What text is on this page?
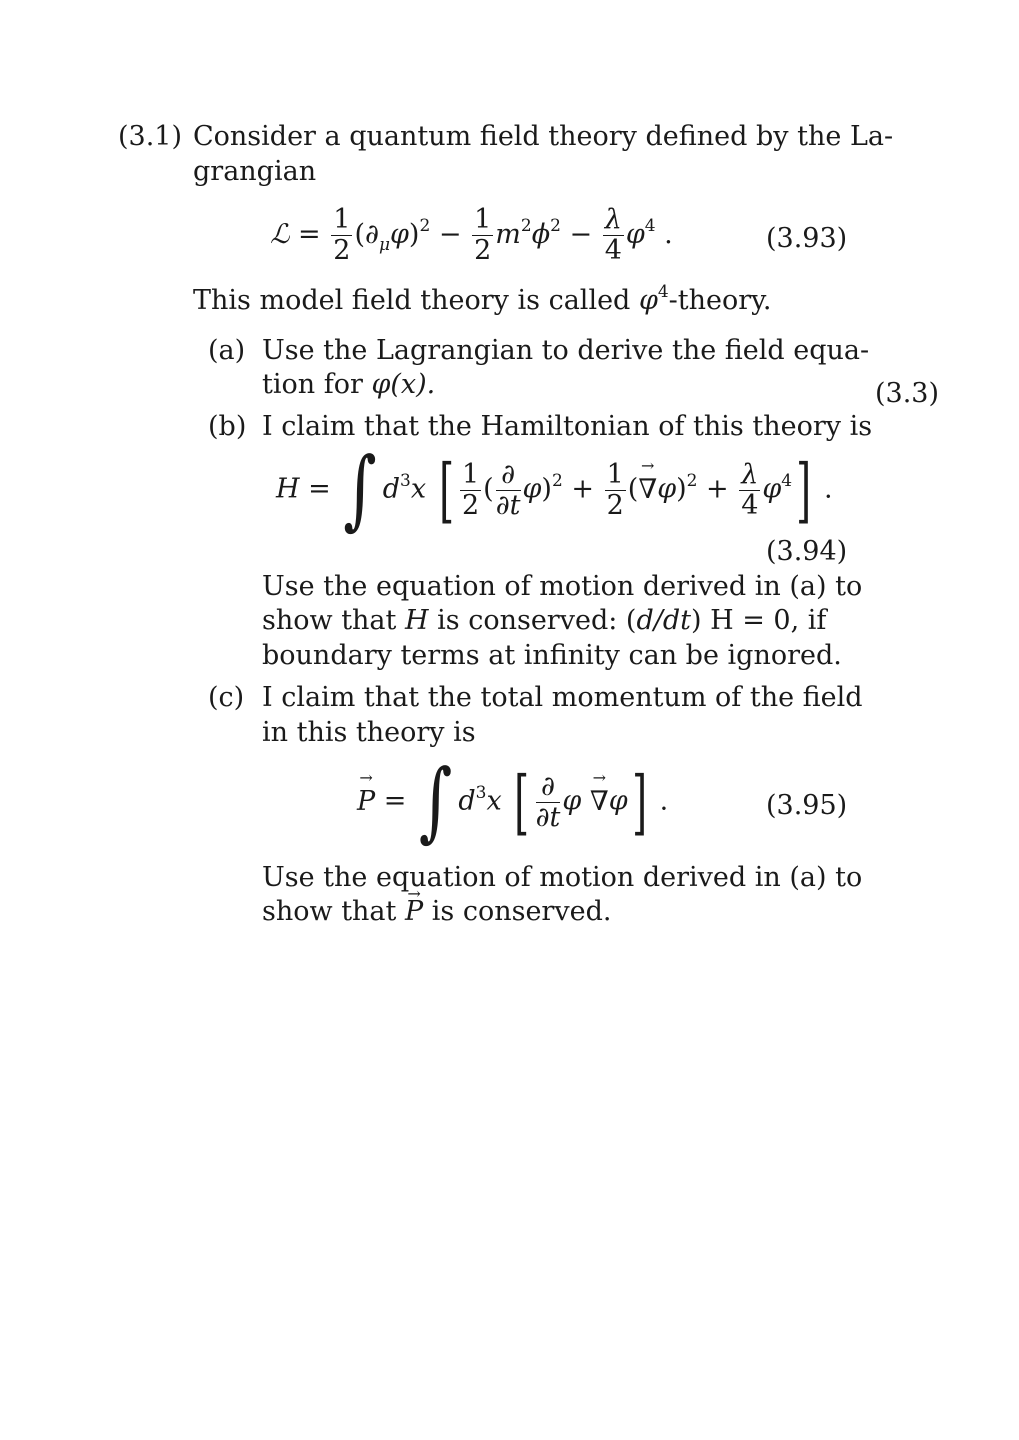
(3.1) Consider a quantum field theory defined by the La-
grangian
ℒ = $\frac{1}{2} (\partial_\mu\varphi)^2 - \frac{1}{2} m^2\phi^2 - \frac{\lambda}{4} \varphi^4$ .	(3.93)
This model field theory is called $\varphi^4$-theory.
(a) Use the Lagrangian to derive the field equa-
tion for φ(x).	(3.3)
(b) I claim that the Hamiltonian of this theory is
H = ∫ $d^3x$ [ $\frac{1}{2}$ ( $\frac{\partial}{\partial t} \varphi)^2 + \frac{1}{2}$ (→ $\nabla\varphi)^2 + \frac{\lambda}{4} \varphi^4$] .
(3.94)
Use the equation of motion derived in (a) to
show that H is conserved: (d/dt) H = 0, if
boundary terms at infinity can be ignored.
(c) I claim that the total momentum of the field
in this theory is
→ P = ∫ $d^3x$ [ $\frac{\partial}{\partial t}$ φ → ∇φ] .	(3.95)
Use the equation of motion derived in (a) to
show that → P is conserved.
